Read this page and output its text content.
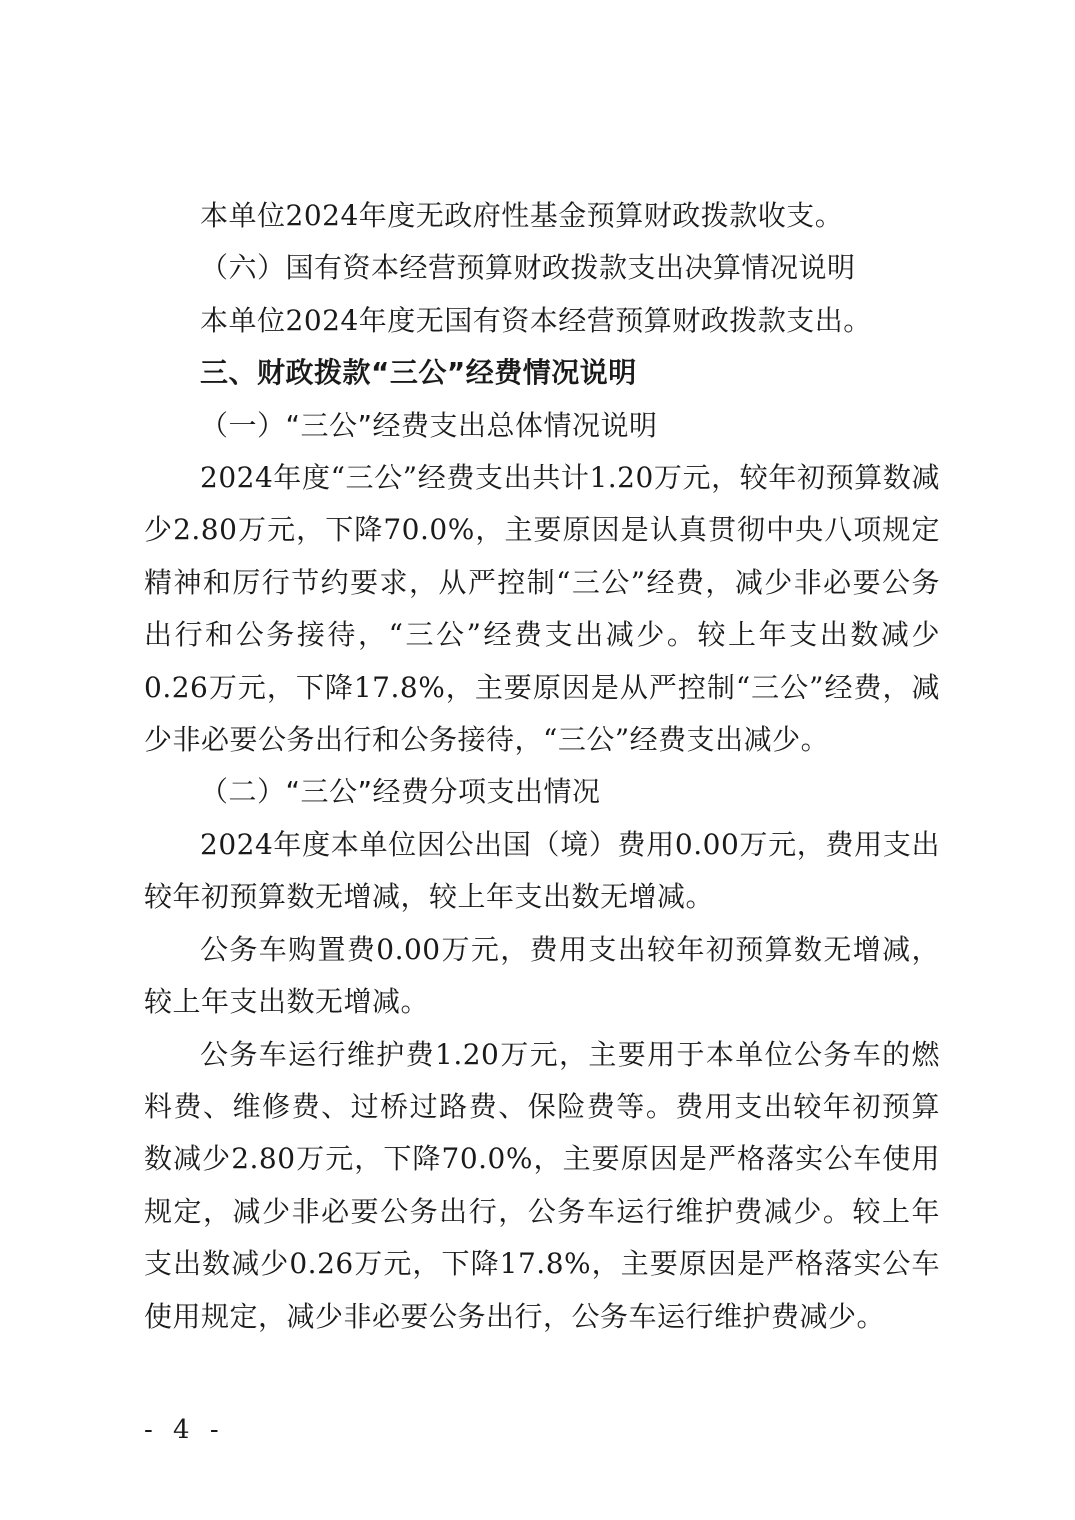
本单位2024年度无政府性基金预算财政拨款收支。

（六）国有资本经营预算财政拨款支出决算情况说明

本单位2024年度无国有资本经营预算财政拨款支出。

三、财政拨款“三公”经费情况说明

（一）“三公”经费支出总体情况说明

2024年度“三公”经费支出共计1.20万元，较年初预算数减少2.80万元，下降70.0%，主要原因是认真贯彻中央八项规定精神和厉行节约要求，从严控制“三公”经费，减少非必要公务出行和公务接待，“三公”经费支出减少。较上年支出数减少0.26万元，下降17.8%，主要原因是从严控制“三公”经费，减少非必要公务出行和公务接待，“三公”经费支出减少。

（二）“三公”经费分项支出情况

2024年度本单位因公出国（境）费用0.00万元，费用支出较年初预算数无增减，较上年支出数无增减。

公务车购置费0.00万元，费用支出较年初预算数无增减，较上年支出数无增减。

公务车运行维护费1.20万元，主要用于本单位公务车的燃料费、维修费、过桥过路费、保险费等。费用支出较年初预算数减少2.80万元，下降70.0%，主要原因是严格落实公车使用规定，减少非必要公务出行，公务车运行维护费减少。较上年支出数减少0.26万元，下降17.8%，主要原因是严格落实公车使用规定，减少非必要公务出行，公务车运行维护费减少。

- 4 -
